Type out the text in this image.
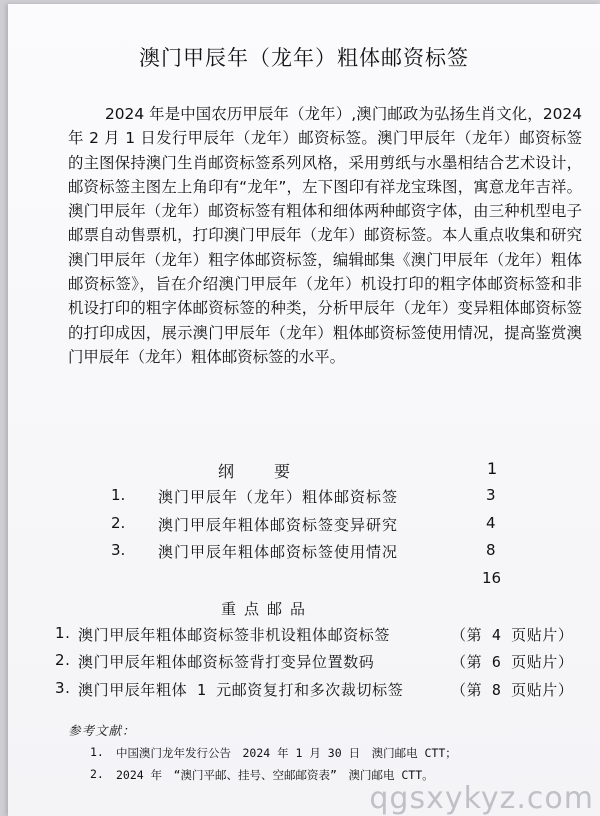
澳门甲辰年（龙年）粗体邮资标签

2024 年是中国农历甲辰年（龙年）,澳门邮政为弘扬生肖文化，2024 年 2 月 1 日发行甲辰年（龙年）邮资标签。澳门甲辰年（龙年）邮资标签的主图保持澳门生肖邮资标签系列风格，采用剪纸与水墨相结合艺术设计，邮资标签主图左上角印有“龙年”，左下图印有祥龙宝珠图，寓意龙年吉祥。澳门甲辰年（龙年）邮资标签有粗体和细体两种邮资字体，由三种机型电子邮票自动售票机，打印澳门甲辰年（龙年）邮资标签。本人重点收集和研究澳门甲辰年（龙年）粗字体邮资标签，编辑邮集《澳门甲辰年（龙年）粗体邮资标签》，旨在介绍澳门甲辰年（龙年）机设打印的粗字体邮资标签和非机设打印的粗字体邮资标签的种类，分析甲辰年（龙年）变异粗体邮资标签的打印成因，展示澳门甲辰年（龙年）粗体邮资标签使用情况，提高鉴赏澳门甲辰年（龙年）粗体邮资标签的水平。

纲要	1
1. 澳门甲辰年（龙年）粗体邮资标签	3
2. 澳门甲辰年粗体邮资标签变异研究	4
3. 澳门甲辰年粗体邮资标签使用情况	8
16
重点邮品
1. 澳门甲辰年粗体邮资标签非机设粗体邮资标签	（第 4 页贴片）
2. 澳门甲辰年粗体邮资标签背打变异位置数码	（第 6 页贴片）
3. 澳门甲辰年粗体 1 元邮资复打和多次裁切标签	（第 8 页贴片）
参考文献：
1. 中国澳门龙年发行公告　2024 年 1 月 30 日　澳门邮电 CTT；
2. 2024 年　“澳门平邮、挂号、空邮邮资表”　澳门邮电 CTT。
qgsxykyz.com
